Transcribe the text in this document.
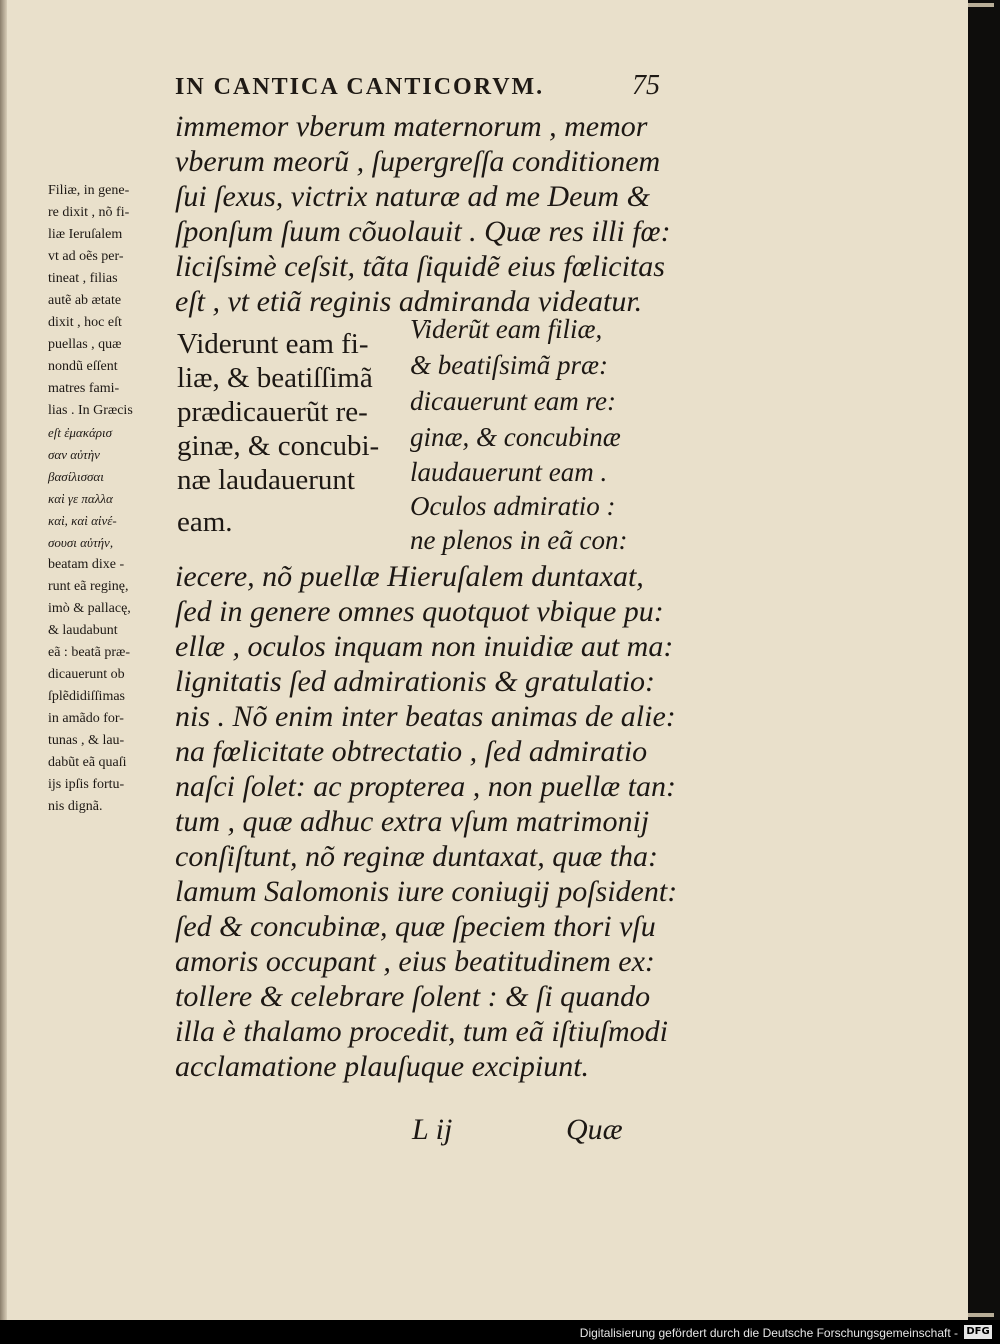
IN CANTICA CANTICORVM.	75
immemor vberum maternorum , memor
vberum meorũ , ſupergreſſa conditionem
ſui ſexus, victrix naturæ ad me Deum &
ſponſum ſuum cõuolauit . Quæ res illi fœ:
liciſsimè ceſsit, tãta ſiquidẽ eius fœlicitas
eſt , vt etiã reginis admiranda videatur.
Viderunt eam fi-
liæ, & beatiſſimã
prædicauerũt re-
ginæ, & concubi-
næ laudauerunt
eam.
Viderũt eam filiæ,
& beatiſsimã præ:
dicauerunt eam re:
ginæ, & concubinæ
laudauerunt eam .
Oculos admiratio :
ne plenos in eã con:
iecere, nõ puellæ Hieruſalem duntaxat,
ſed in genere omnes quotquot vbique pu:
ellæ , oculos inquam non inuidiæ aut ma:
lignitatis ſed admirationis & gratulatio:
nis . Nõ enim inter beatas animas de alie:
na fœlicitate obtrectatio , ſed admiratio
naſci ſolet: ac propterea , non puellæ tan:
tum , quæ adhuc extra vſum matrimonij
conſiſtunt, nõ reginæ duntaxat, quæ tha:
lamum Salomonis iure coniugij poſsident:
ſed & concubinæ, quæ ſpeciem thori vſu
amoris occupant , eius beatitudinem ex:
tollere & celebrare ſolent : & ſi quando
illa è thalamo procedit, tum eã iſtiuſmodi
acclamatione plauſuque excipiunt.
Filiæ, in gene-
re dixit , nõ fi-
liæ Ieruſalem
vt ad oẽs per-
tineat , filias
autẽ ab ætate
dixit , hoc eſt
puellas , quæ
nondũ eſſent
matres fami-
lias . In Græcis
eſt ἐμακάρισ
σαν αὐτὴν
βασίλισσαι
καὶ γε παλλα
καὶ, καὶ αἰνέ-
σουσι αὐτήν,
beatam dixe -
runt eã reginę,
imò & pallacę,
& laudabunt
eã : beatã præ-
dicauerunt ob
ſplẽdidiſſimas
in amãdo for-
tunas , & lau-
dabũt eã quaſi
ijs ipſis fortu-
nis dignã.
L ij	Quæ
Digitalisierung gefördert durch die Deutsche Forschungsgemeinschaft - DFG
